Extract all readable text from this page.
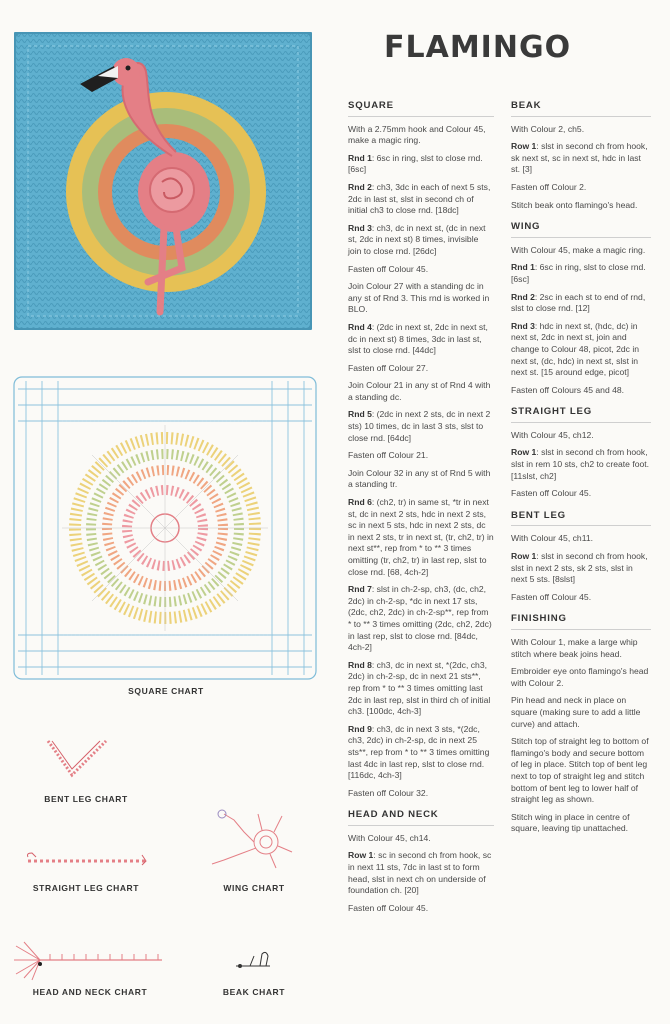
FLAMINGO
SQUARE CHART
BENT LEG CHART
STRAIGHT LEG CHART	WING CHART
HEAD AND NECK CHART	BEAK CHART
SQUARE

With a 2.75mm hook and Colour 45, make a magic ring.

Rnd 1: 6sc in ring, slst to close rnd. [6sc]

Rnd 2: ch3, 3dc in each of next 5 sts, 2dc in last st, slst in second ch of initial ch3 to close rnd. [18dc]

Rnd 3: ch3, dc in next st, (dc in next st, 2dc in next st) 8 times, invisible join to close rnd. [26dc]

Fasten off Colour 45.

Join Colour 27 with a standing dc in any st of Rnd 3. This rnd is worked in BLO.

Rnd 4: (2dc in next st, 2dc in next st, dc in next st) 8 times, 3dc in last st, slst to close rnd. [44dc]

Fasten off Colour 27.

Join Colour 21 in any st of Rnd 4 with a standing dc.

Rnd 5: (2dc in next 2 sts, dc in next 2 sts) 10 times, dc in last 3 sts, slst to close rnd. [64dc]

Fasten off Colour 21.

Join Colour 32 in any st of Rnd 5 with a standing tr.

Rnd 6: (ch2, tr) in same st, *tr in next st, dc in next 2 sts, hdc in next 2 sts, sc in next 5 sts, hdc in next 2 sts, dc in next 2 sts, tr in next st, (tr, ch2, tr) in next st**, rep from * to ** 3 times omitting (tr, ch2, tr) in last rep, slst to close rnd. [68, 4ch-2]

Rnd 7: slst in ch-2-sp, ch3, (dc, ch2, 2dc) in ch-2-sp, *dc in next 17 sts, (2dc, ch2, 2dc) in ch-2-sp**, rep from * to ** 3 times omitting (2dc, ch2, 2dc) in last rep, slst to close rnd. [84dc, 4ch-2]

Rnd 8: ch3, dc in next st, *(2dc, ch3, 2dc) in ch-2-sp, dc in next 21 sts**, rep from * to ** 3 times omitting last 2dc in last rep, slst in third ch of initial ch3. [100dc, 4ch-3]

Rnd 9: ch3, dc in next 3 sts, *(2dc, ch3, 2dc) in ch-2-sp, dc in next 25 sts**, rep from * to ** 3 times omitting last 4dc in last rep, slst to close rnd. [116dc, 4ch-3]

Fasten off Colour 32.

HEAD AND NECK

With Colour 45, ch14.

Row 1: sc in second ch from hook, sc in next 11 sts, 7dc in last st to form head, slst in next ch on underside of foundation ch. [20]

Fasten off Colour 45.

BEAK

With Colour 2, ch5.

Row 1: slst in second ch from hook, sk next st, sc in next st, hdc in last st. [3]

Fasten off Colour 2.

Stitch beak onto flamingo's head.

WING

With Colour 45, make a magic ring.

Rnd 1: 6sc in ring, slst to close rnd. [6sc]

Rnd 2: 2sc in each st to end of rnd, slst to close rnd. [12]

Rnd 3: hdc in next st, (hdc, dc) in next st, 2dc in next st, join and change to Colour 48, picot, 2dc in next st, (dc, hdc) in next st, slst in next st. [15 around edge, picot]

Fasten off Colours 45 and 48.

STRAIGHT LEG

With Colour 45, ch12.

Row 1: slst in second ch from hook, slst in rem 10 sts, ch2 to create foot. [11slst, ch2]

Fasten off Colour 45.

BENT LEG

With Colour 45, ch11.

Row 1: slst in second ch from hook, slst in next 2 sts, sk 2 sts, slst in next 5 sts. [8slst]

Fasten off Colour 45.

FINISHING

With Colour 1, make a large whip stitch where beak joins head.

Embroider eye onto flamingo's head with Colour 2.

Pin head and neck in place on square (making sure to add a little curve) and attach.

Stitch top of straight leg to bottom of flamingo's body and secure bottom of leg in place. Stitch top of bent leg next to top of straight leg and stitch bottom of bent leg to lower half of straight leg as shown.

Stitch wing in place in centre of square, leaving tip unattached.
